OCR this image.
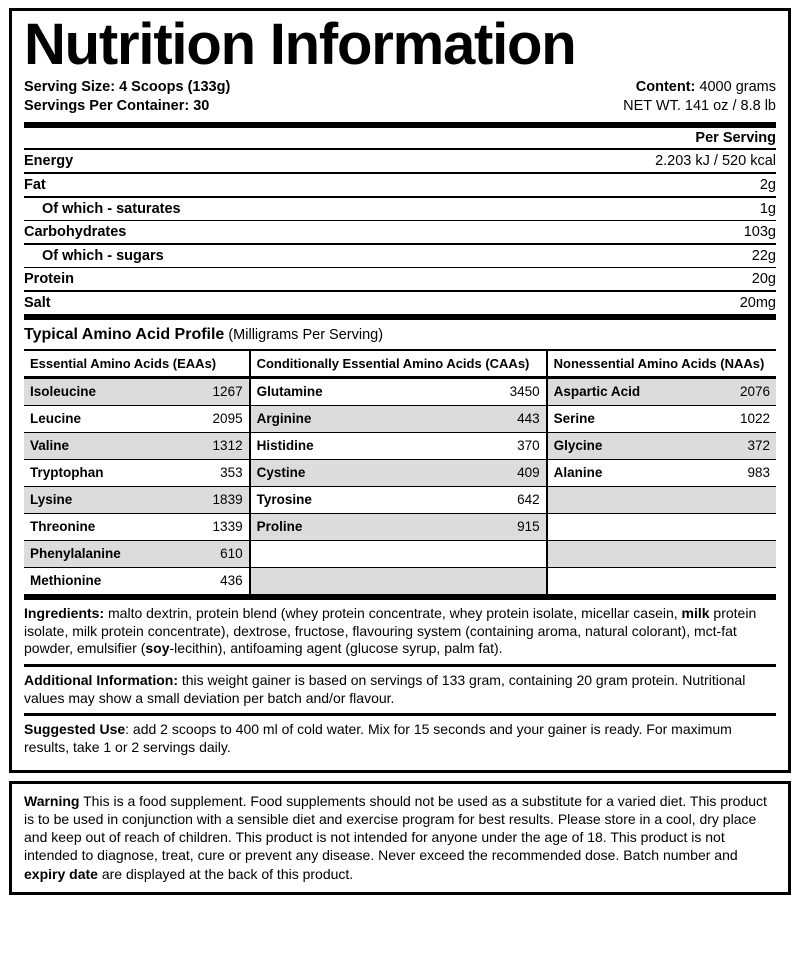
Nutrition Information
Serving Size: 4 Scoops (133g)
Servings Per Container: 30
Content: 4000 grams
NET WT. 141 oz / 8.8 lb
	Per Serving
Energy	2.203 kJ / 520 kcal
Fat	2g
Of which - saturates	1g
Carbohydrates	103g
Of which - sugars	22g
Protein	20g
Salt	20mg
Typical Amino Acid Profile (Milligrams Per Serving)
Essential Amino Acids (EAAs)	Conditionally Essential Amino Acids (CAAs)	Nonessential Amino Acids (NAAs)

Isoleucine 1267	Glutamine 3450	Aspartic Acid 2076

Leucine 2095	Arginine 443	Serine 1022

Valine 1312	Histidine 370	Glycine 372

Tryptophan 353	Cystine 409	Alanine 983

Lysine 1839	Tyrosine 642	

Threonine 1339	Proline 915	

Phenylalanine 610		

Methionine 436		

Ingredients: malto dextrin, protein blend (whey protein concentrate, whey protein isolate, micellar casein, milk protein isolate, milk protein concentrate), dextrose, fructose, flavouring system (containing aroma, natural colorant), mct-fat powder, emulsifier (soy-lecithin), antifoaming agent (glucose syrup, palm fat).
Additional Information: this weight gainer is based on servings of 133 gram, containing 20 gram protein. Nutritional values may show a small deviation per batch and/or flavour.
Suggested Use: add 2 scoops to 400 ml of cold water. Mix for 15 seconds and your gainer is ready. For maximum results, take 1 or 2 servings daily.
Warning This is a food supplement. Food supplements should not be used as a substitute for a varied diet. This product is to be used in conjunction with a sensible diet and exercise program for best results. Please store in a cool, dry place and keep out of reach of children. This product is not intended for anyone under the age of 18. This product is not intended to diagnose, treat, cure or prevent any disease. Never exceed the recommended dose. Batch number and expiry date are displayed at the back of this product.
